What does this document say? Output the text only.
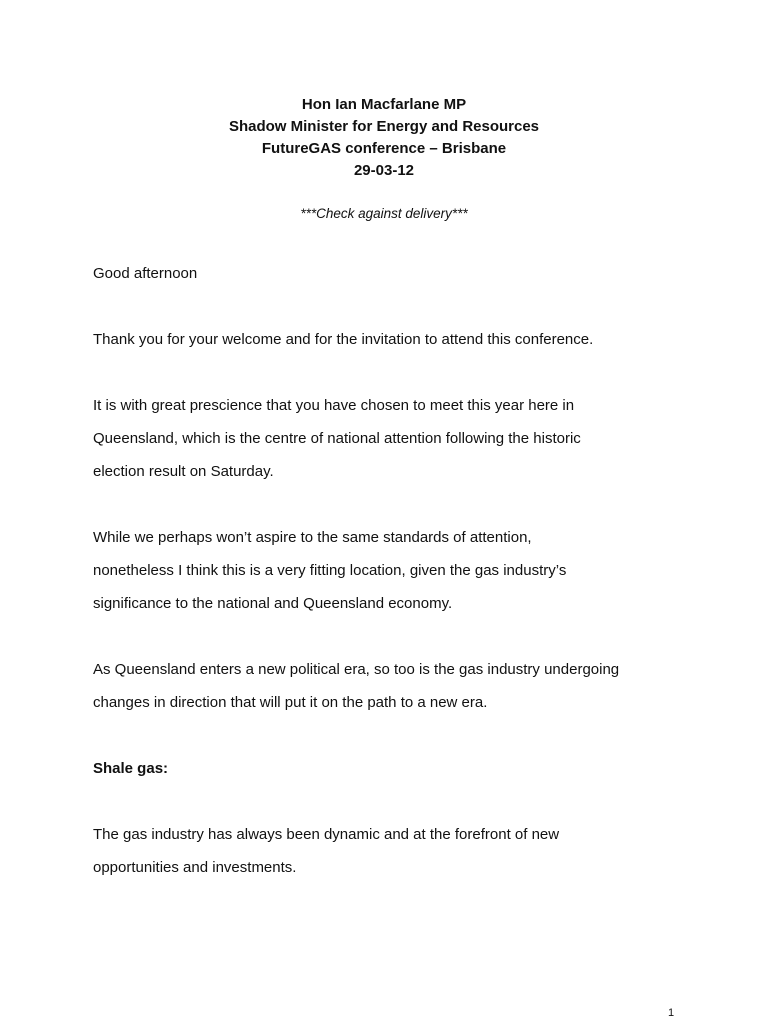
Hon Ian Macfarlane MP
Shadow Minister for Energy and Resources
FutureGAS conference – Brisbane
29-03-12
***Check against delivery***

Good afternoon

Thank you for your welcome and for the invitation to attend this conference.

It is with great prescience that you have chosen to meet this year here in
Queensland, which is the centre of national attention following the historic
election result on Saturday.

While we perhaps won’t aspire to the same standards of attention,
nonetheless I think this is a very fitting location, given the gas industry’s
significance to the national and Queensland economy.

As Queensland enters a new political era, so too is the gas industry undergoing
changes in direction that will put it on the path to a new era.

Shale gas:

The gas industry has always been dynamic and at the forefront of new
opportunities and investments.

1
